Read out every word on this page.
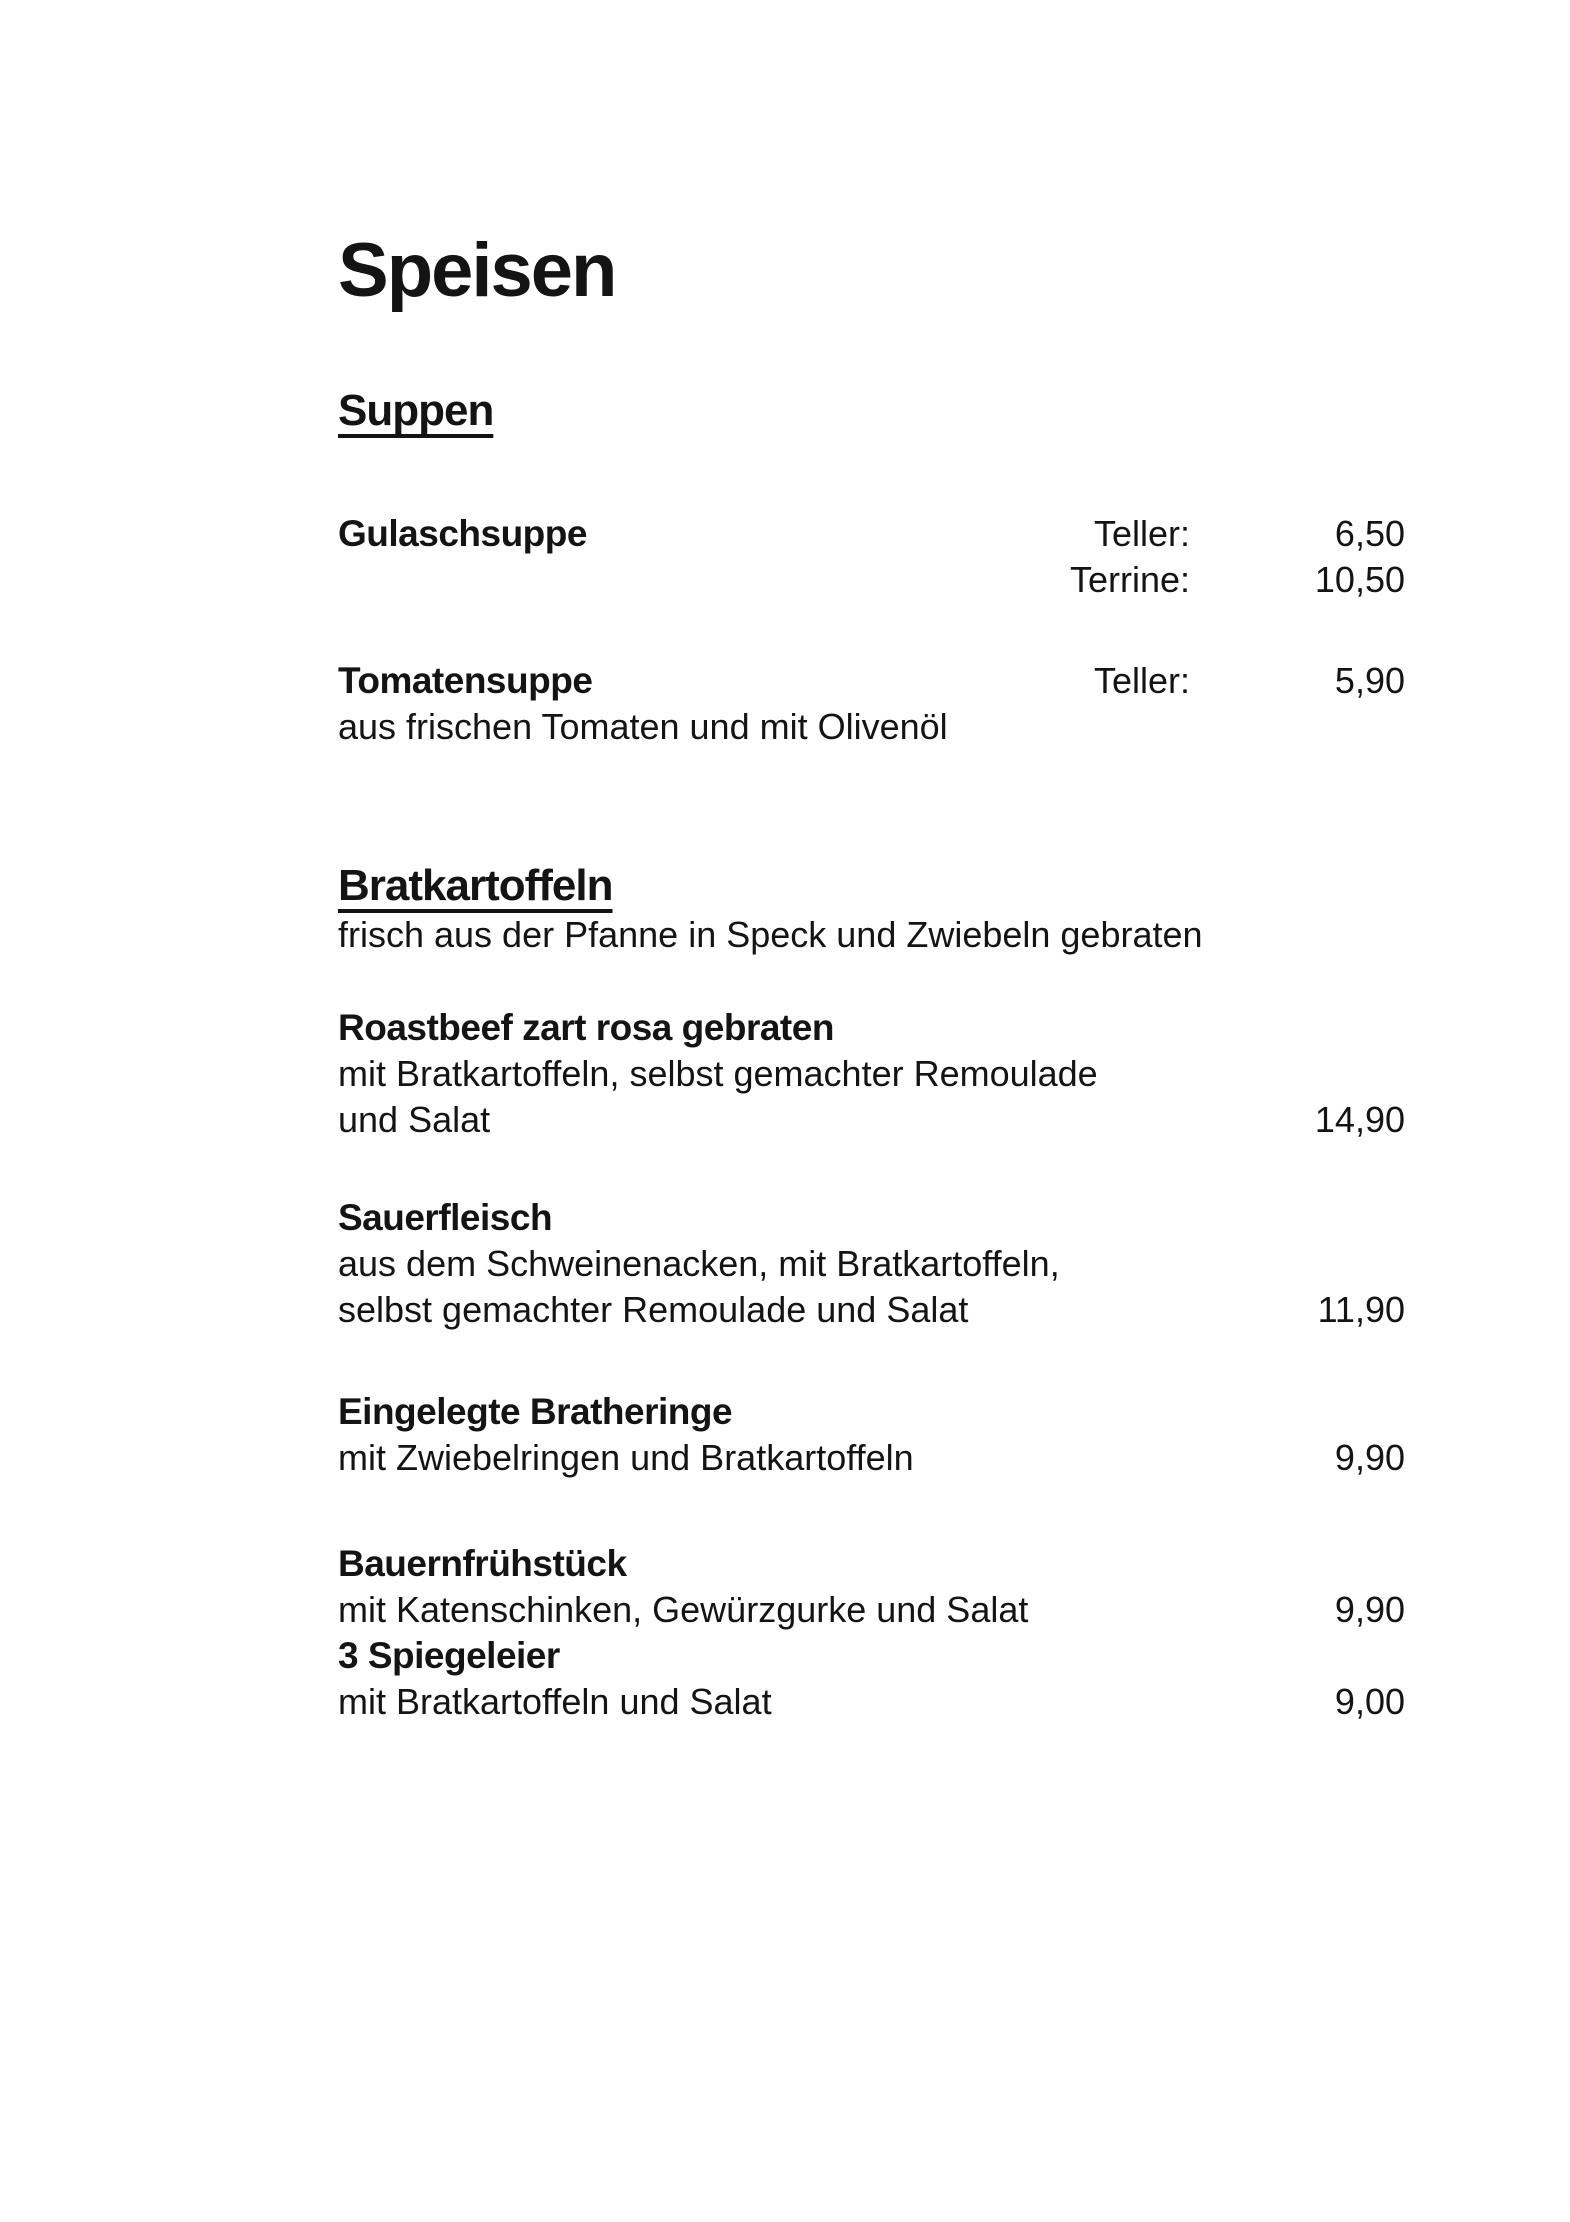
Speisen
Suppen
Gulaschsuppe	Teller:	6,50
Terrine:	10,50
Tomatensuppe	Teller:	5,90
aus frischen Tomaten und mit Olivenöl
Bratkartoffeln
frisch aus der Pfanne in Speck und Zwiebeln gebraten
Roastbeef zart rosa gebraten
mit Bratkartoffeln, selbst gemachter Remoulade
und Salat	14,90
Sauerfleisch
aus dem Schweinenacken, mit Bratkartoffeln,
selbst gemachter Remoulade und Salat	11,90
Eingelegte Bratheringe
mit Zwiebelringen und Bratkartoffeln	9,90
Bauernfrühstück
mit Katenschinken, Gewürzgurke und Salat	9,90
3 Spiegeleier
mit Bratkartoffeln und Salat	9,00
